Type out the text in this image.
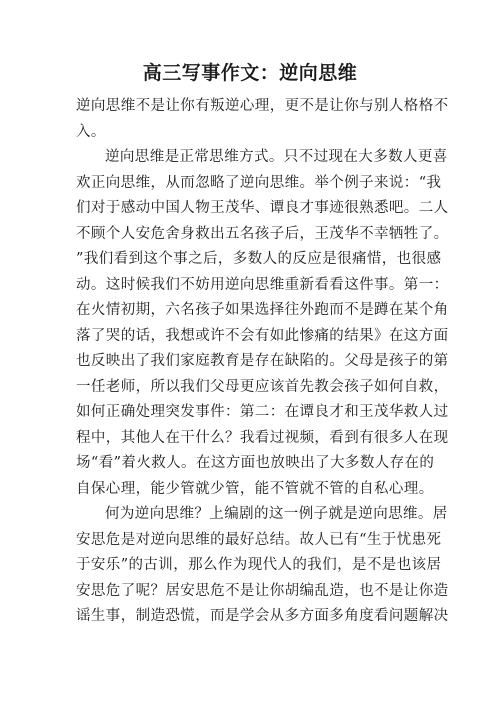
高三写事作文：逆向思维
逆向思维不是让你有叛逆心理，更不是让你与别人格格不
入。
逆向思维是正常思维方式。只不过现在大多数人更喜
欢正向思维，从而忽略了逆向思维。举个例子来说：“我
们对于感动中国人物王茂华、谭良才事迹很熟悉吧。二人
不顾个人安危舍身救出五名孩子后，王茂华不幸牺牲了。
”我们看到这个事之后，多数人的反应是很痛惜，也很感
动。这时候我们不妨用逆向思维重新看看这件事。第一：
在火情初期，六名孩子如果选择往外跑而不是蹲在某个角
落了哭的话，我想或许不会有如此惨痛的结果》在这方面
也反映出了我们家庭教育是存在缺陷的。父母是孩子的第
一任老师，所以我们父母更应该首先教会孩子如何自救，
如何正确处理突发事件：第二：在谭良才和王茂华救人过
程中，其他人在干什么？我看过视频，看到有很多人在现
场“看”着火救人。在这方面也放映出了大多数人存在的
自保心理，能少管就少管，能不管就不管的自私心理。
何为逆向思维？上编剧的这一例子就是逆向思维。居
安思危是对逆向思维的最好总结。故人已有“生于忧患死
于安乐”的古训，那么作为现代人的我们，是不是也该居
安思危了呢？居安思危不是让你胡编乱造，也不是让你造
谣生事，制造恐慌，而是学会从多方面多角度看问题解决
